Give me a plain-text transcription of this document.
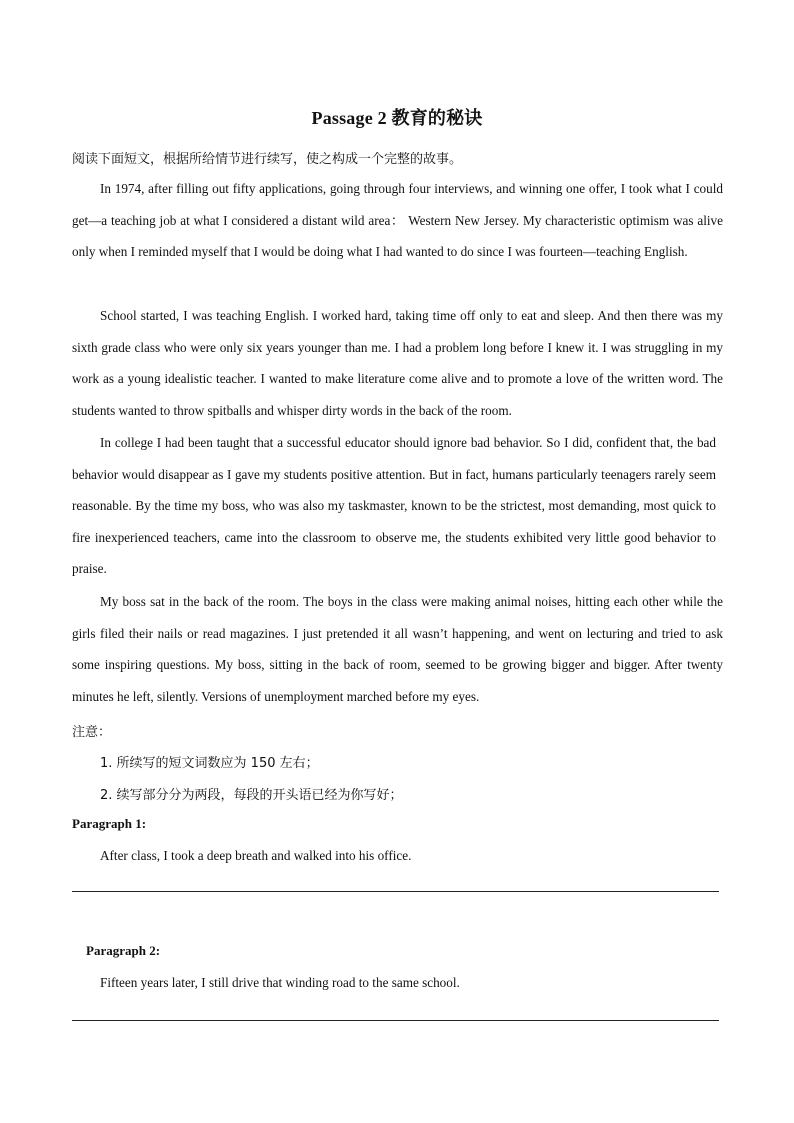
Passage 2 教育的秘诀
阅读下面短文，根据所给情节进行续写，使之构成一个完整的故事。

In 1974, after filling out fifty applications, going through four interviews, and winning one offer, I took what I could get—a teaching job at what I considered a distant wild area： Western New Jersey. My characteristic optimism was alive only when I reminded myself that I would be doing what I had wanted to do since I was fourteen—teaching English.

School started, I was teaching English. I worked hard, taking time off only to eat and sleep. And then there was my sixth grade class who were only six years younger than me. I had a problem long before I knew it. I was struggling in my work as a young idealistic teacher. I wanted to make literature come alive and to promote a love of the written word. The students wanted to throw spitballs and whisper dirty words in the back of the room.

In college I had been taught that a successful educator should ignore bad behavior. So I did, confident that, the bad behavior would disappear as I gave my students positive attention. But in fact, humans particularly teenagers rarely seem reasonable. By the time my boss, who was also my taskmaster, known to be the strictest, most demanding, most quick to fire inexperienced teachers, came into the classroom to observe me, the students exhibited very little good behavior to praise.

My boss sat in the back of the room. The boys in the class were making animal noises, hitting each other while the girls filed their nails or read magazines. I just pretended it all wasn’t happening, and went on lecturing and tried to ask some inspiring questions. My boss, sitting in the back of room, seemed to be growing bigger and bigger. After twenty minutes he left, silently. Versions of unemployment marched before my eyes.

注意：
1. 所续写的短文词数应为 150 左右；
2. 续写部分分为两段，每段的开头语已经为你写好；
Paragraph 1:
After class, I took a deep breath and walked into his office.
Paragraph 2:
Fifteen years later, I still drive that winding road to the same school.
